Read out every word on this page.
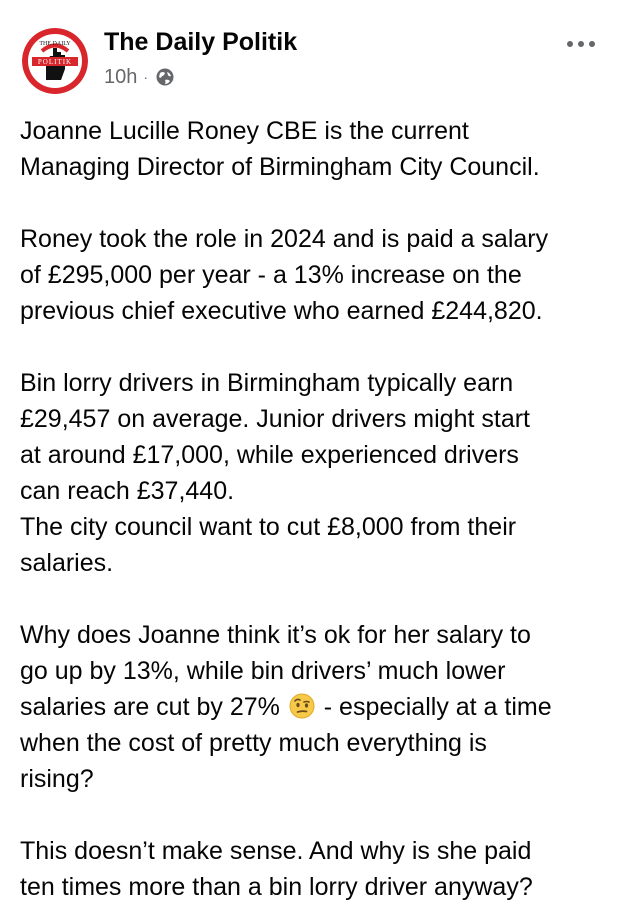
THE DAILY
POLITIK
The Daily Politik
10h ·
Joanne Lucille Roney CBE is the current
Managing Director of Birmingham City Council.
Roney took the role in 2024 and is paid a salary
of £295,000 per year - a 13% increase on the
previous chief executive who earned £244,820.
Bin lorry drivers in Birmingham typically earn
£29,457 on average. Junior drivers might start
at around £17,000, while experienced drivers
can reach £37,440.
The city council want to cut £8,000 from their
salaries.
Why does Joanne think it’s ok for her salary to
go up by 13%, while bin drivers’ much lower
salaries are cut by 27% - especially at a time
when the cost of pretty much everything is
rising?
This doesn’t make sense. And why is she paid
ten times more than a bin lorry driver anyway?
